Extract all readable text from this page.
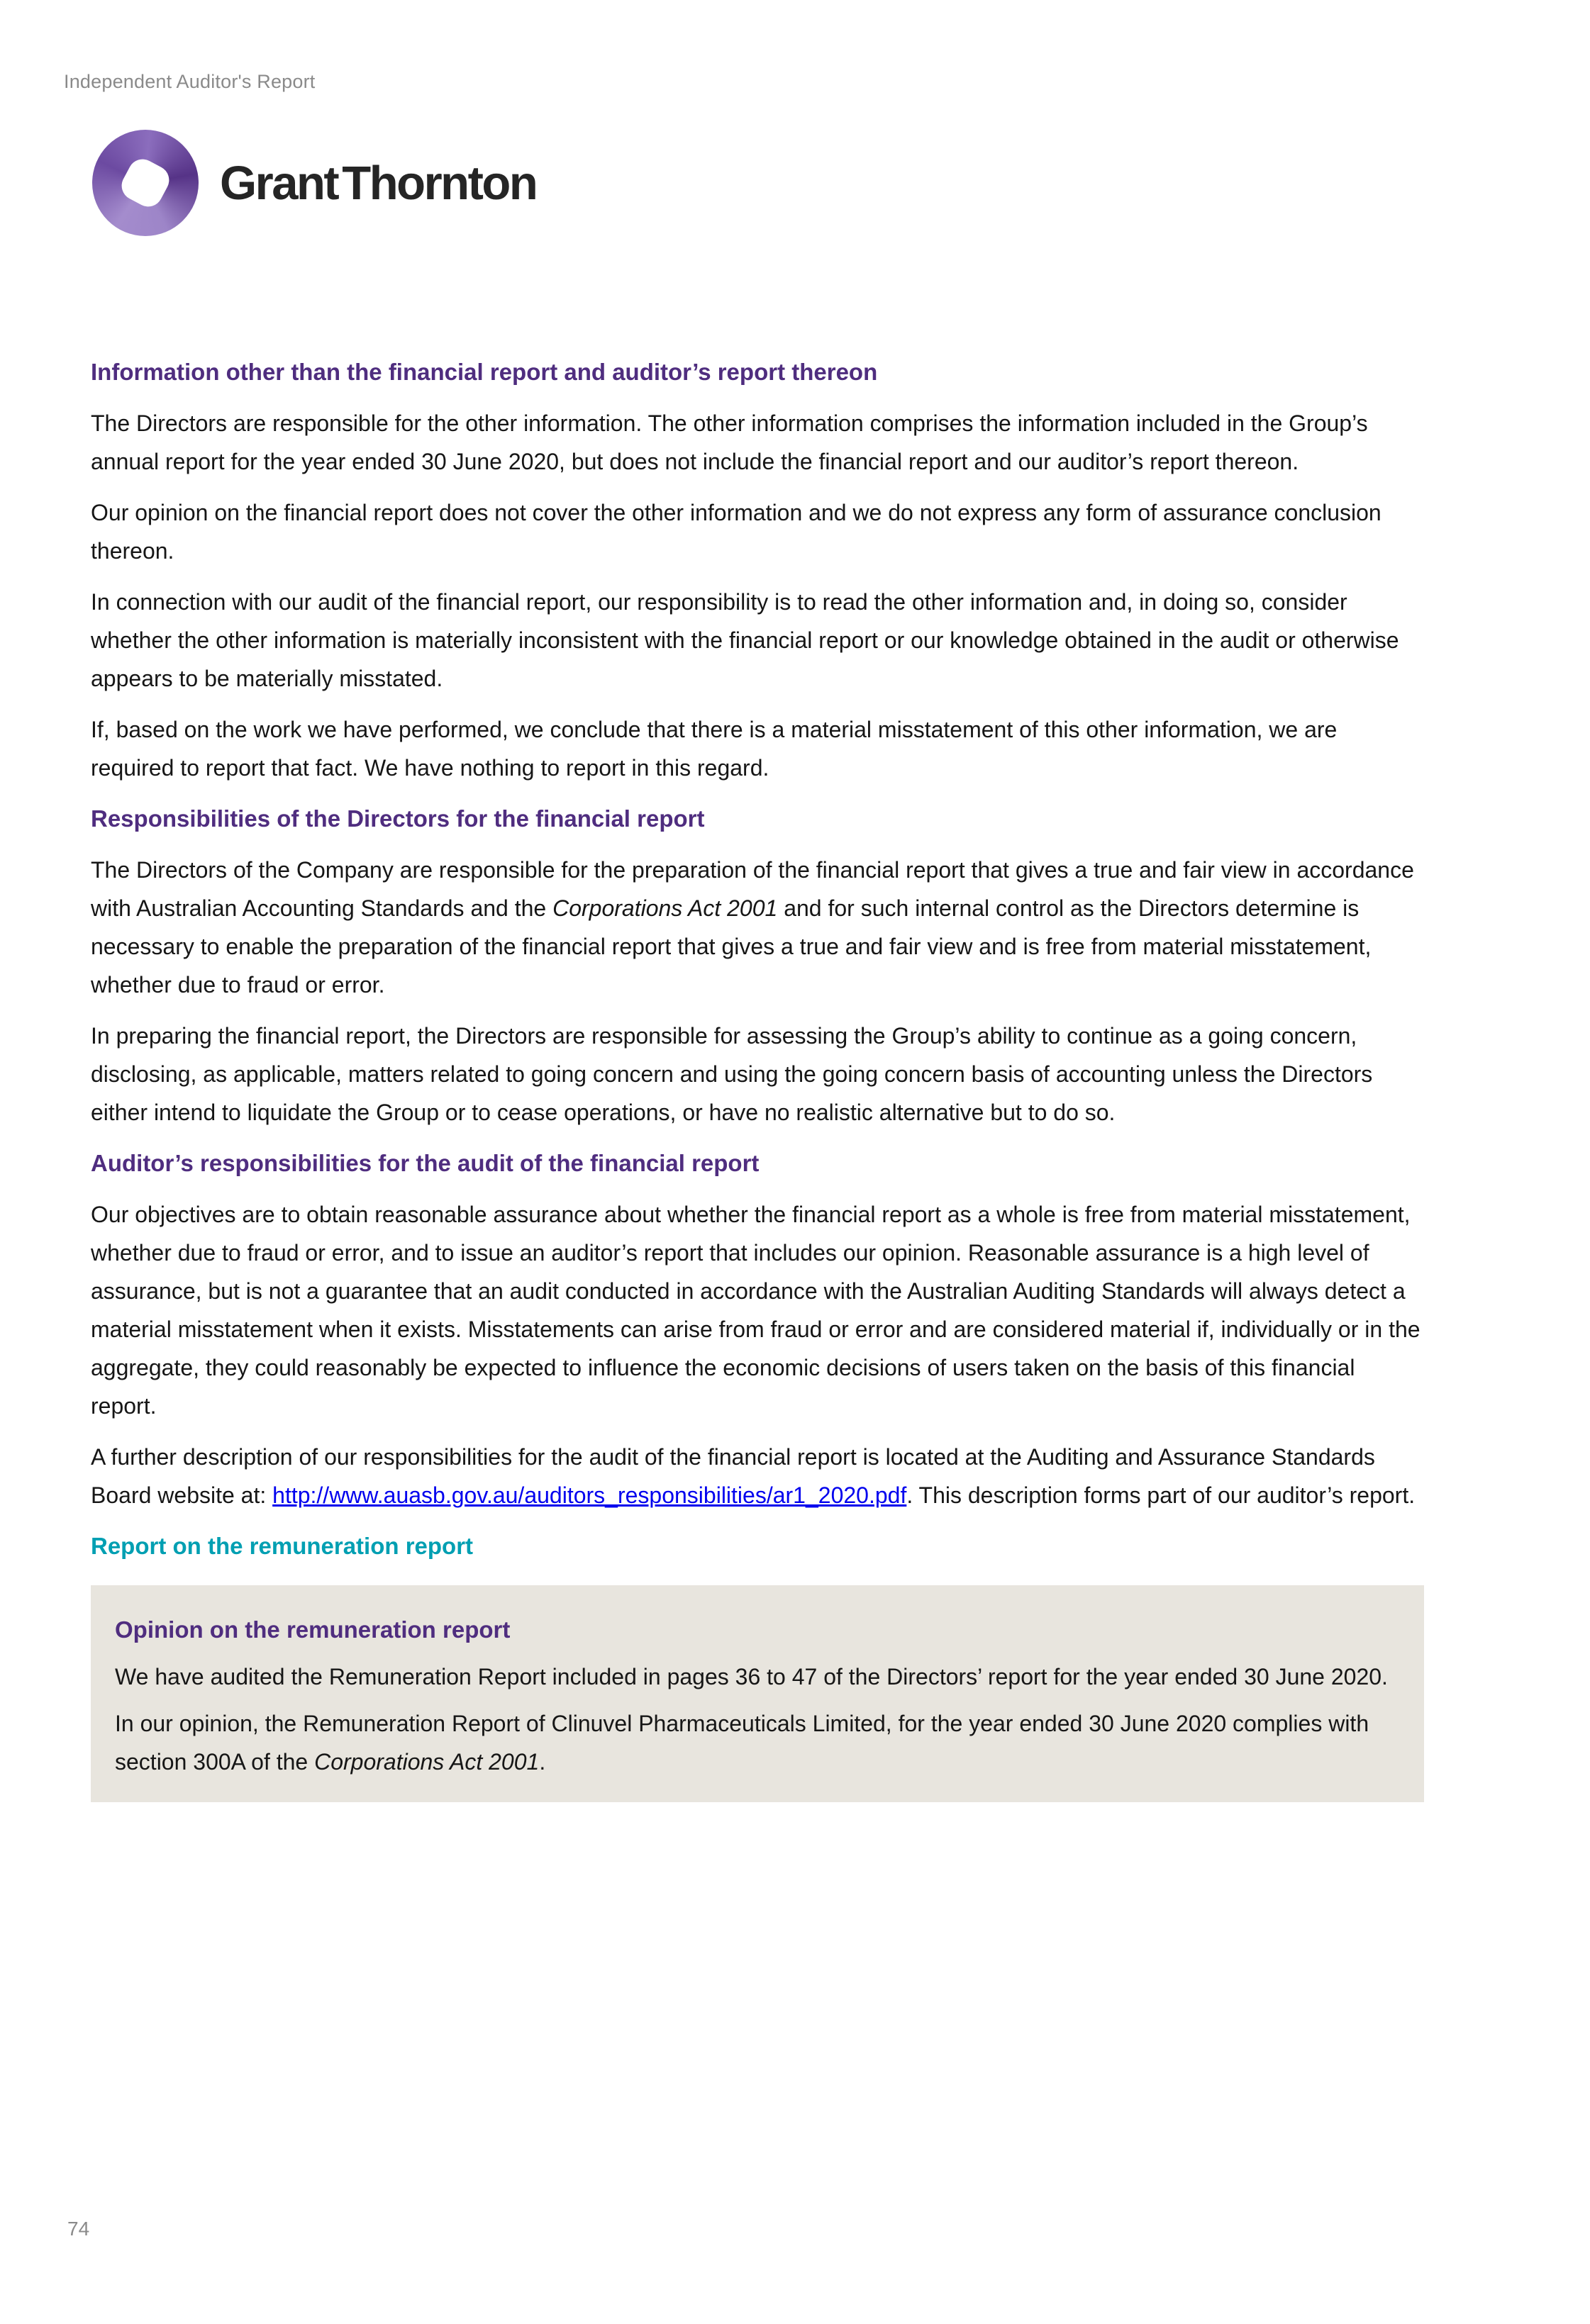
Independent Auditor's Report
Grant Thornton
Information other than the financial report and auditor’s report thereon

The Directors are responsible for the other information. The other information comprises the information included in the Group’s annual report for the year ended 30 June 2020, but does not include the financial report and our auditor’s report thereon.

Our opinion on the financial report does not cover the other information and we do not express any form of assurance conclusion thereon.

In connection with our audit of the financial report, our responsibility is to read the other information and, in doing so, consider whether the other information is materially inconsistent with the financial report or our knowledge obtained in the audit or otherwise appears to be materially misstated.

If, based on the work we have performed, we conclude that there is a material misstatement of this other information, we are required to report that fact. We have nothing to report in this regard.

Responsibilities of the Directors for the financial report

The Directors of the Company are responsible for the preparation of the financial report that gives a true and fair view in accordance with Australian Accounting Standards and the Corporations Act 2001 and for such internal control as the Directors determine is necessary to enable the preparation of the financial report that gives a true and fair view and is free from material misstatement, whether due to fraud or error.

In preparing the financial report, the Directors are responsible for assessing the Group’s ability to continue as a going concern, disclosing, as applicable, matters related to going concern and using the going concern basis of accounting unless the Directors either intend to liquidate the Group or to cease operations, or have no realistic alternative but to do so.

Auditor’s responsibilities for the audit of the financial report

Our objectives are to obtain reasonable assurance about whether the financial report as a whole is free from material misstatement, whether due to fraud or error, and to issue an auditor’s report that includes our opinion. Reasonable assurance is a high level of assurance, but is not a guarantee that an audit conducted in accordance with the Australian Auditing Standards will always detect a material misstatement when it exists. Misstatements can arise from fraud or error and are considered material if, individually or in the aggregate, they could reasonably be expected to influence the economic decisions of users taken on the basis of this financial report.

A further description of our responsibilities for the audit of the financial report is located at the Auditing and Assurance Standards Board website at: http://www.auasb.gov.au/auditors_responsibilities/ar1_2020.pdf. This description forms part of our auditor’s report.

Report on the remuneration report
Opinion on the remuneration report

We have audited the Remuneration Report included in pages 36 to 47 of the Directors’ report for the year ended 30 June 2020.

In our opinion, the Remuneration Report of Clinuvel Pharmaceuticals Limited, for the year ended 30 June 2020 complies with section 300A of the Corporations Act 2001.

74
